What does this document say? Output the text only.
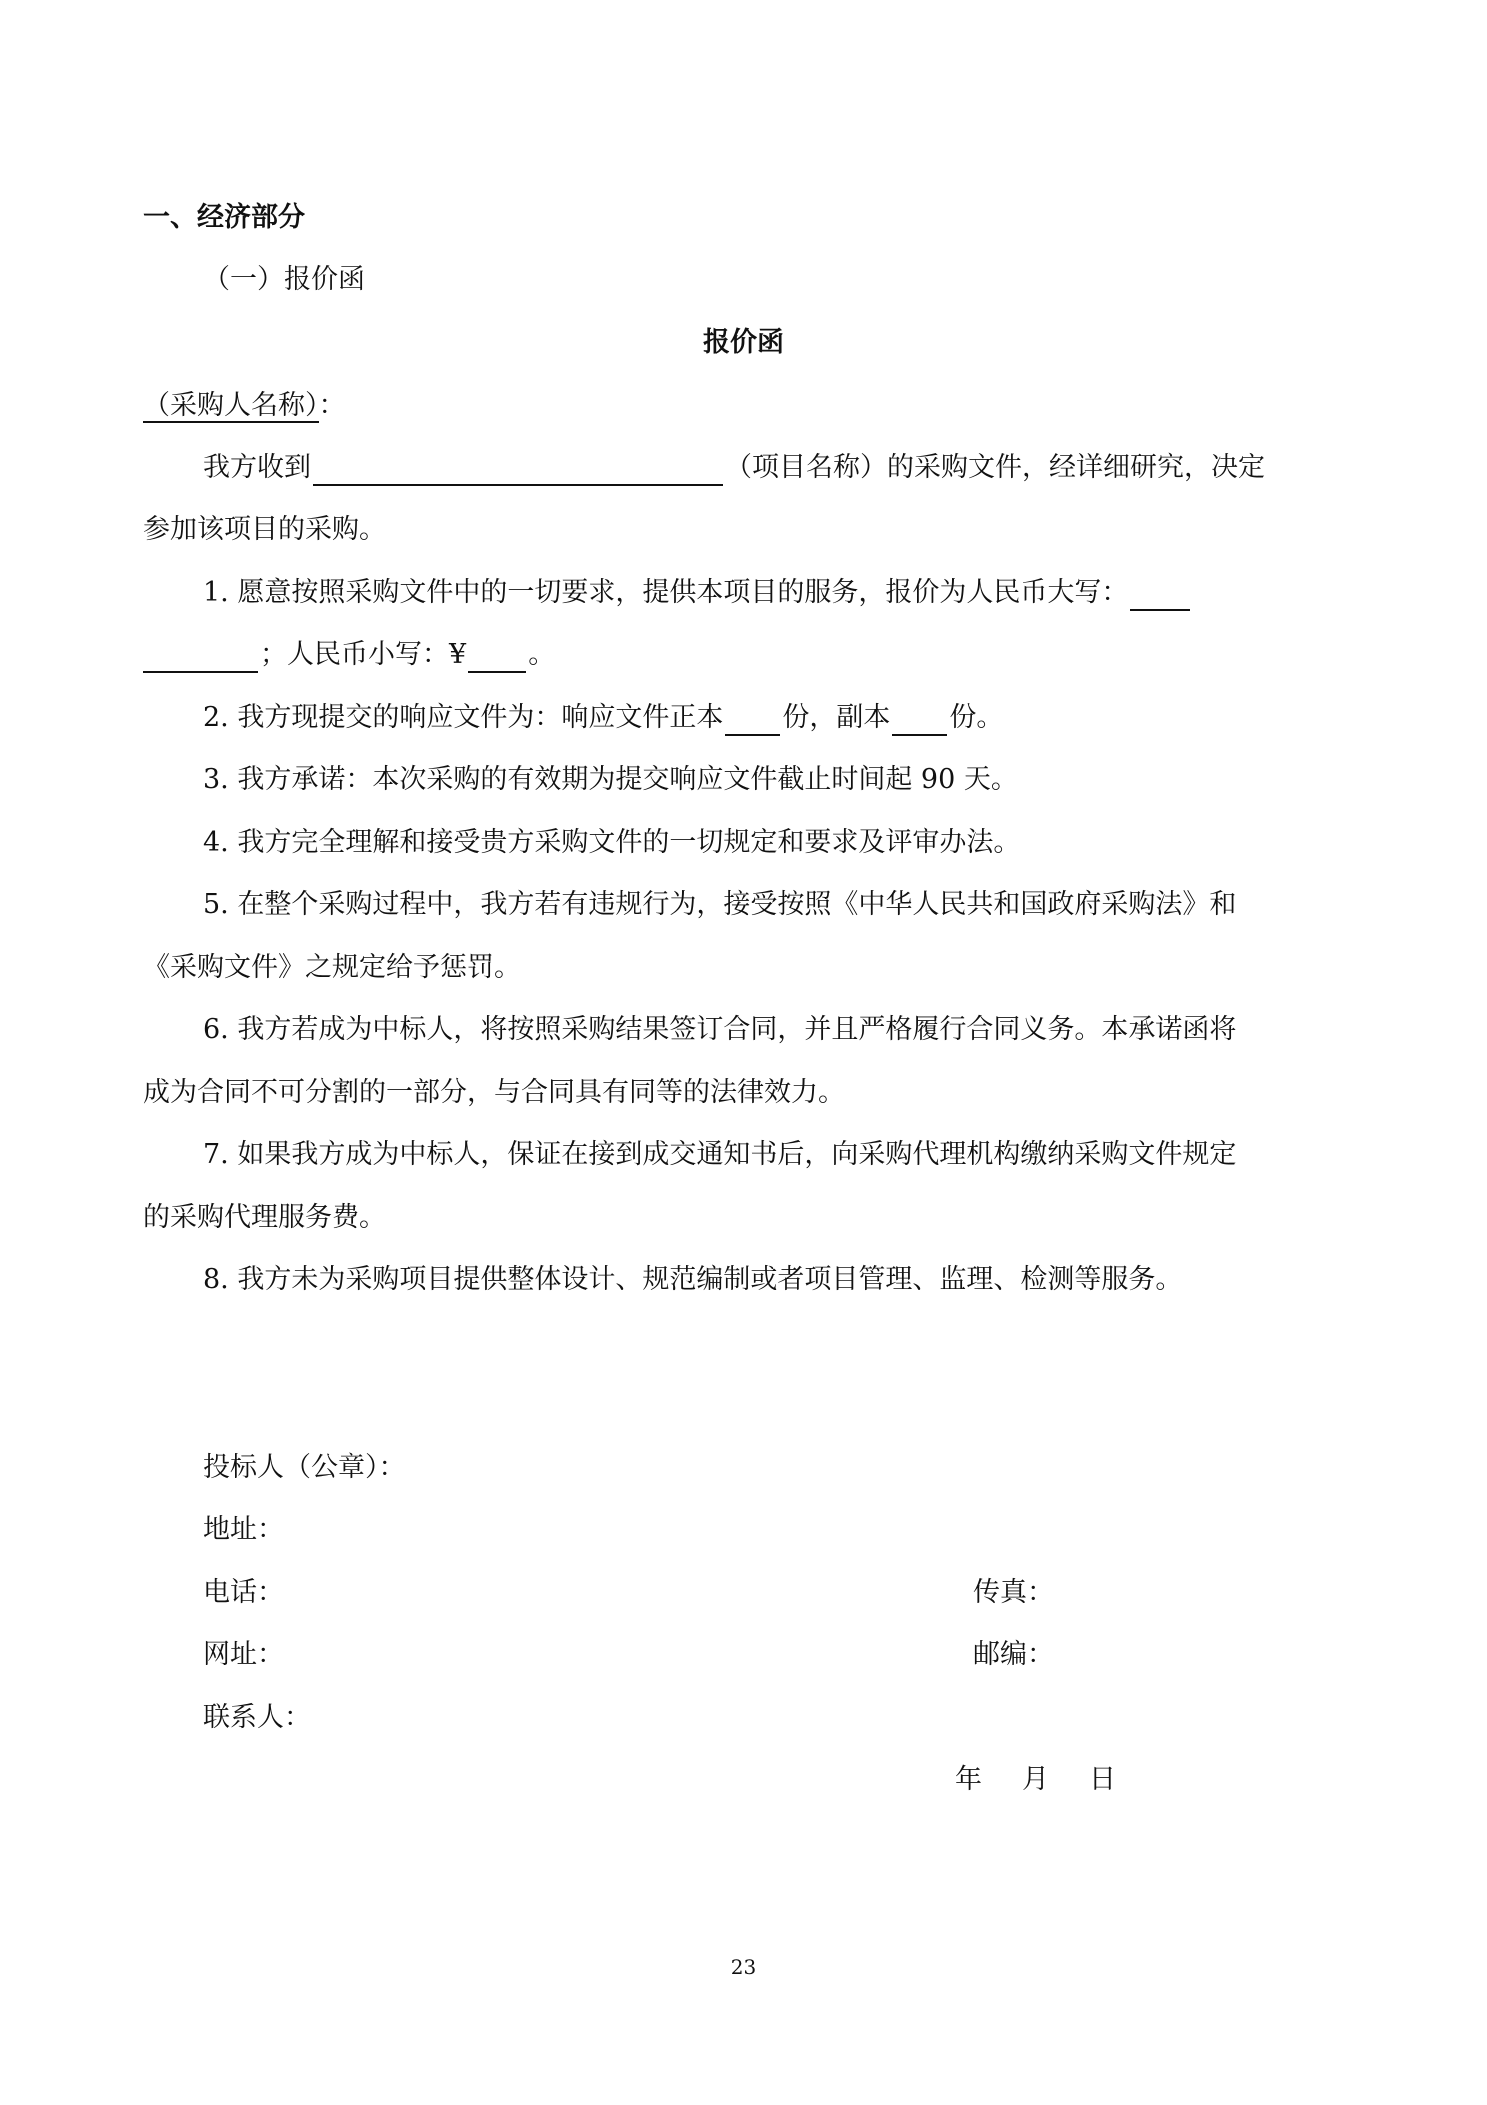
一、经济部分
（一）报价函
报价函
（采购人名称）：
我方收到	（项目名称）的采购文件，经详细研究，决定
参加该项目的采购。
1. 愿意按照采购文件中的一切要求，提供本项目的服务，报价为人民币大写：
；人民币小写：¥ 。
2. 我方现提交的响应文件为：响应文件正本 份，副本 份。
3. 我方承诺：本次采购的有效期为提交响应文件截止时间起 90 天。
4. 我方完全理解和接受贵方采购文件的一切规定和要求及评审办法。
5. 在整个采购过程中，我方若有违规行为，接受按照《中华人民共和国政府采购法》和
《采购文件》之规定给予惩罚。
6. 我方若成为中标人，将按照采购结果签订合同，并且严格履行合同义务。本承诺函将
成为合同不可分割的一部分，与合同具有同等的法律效力。
7. 如果我方成为中标人，保证在接到成交通知书后，向采购代理机构缴纳采购文件规定
的采购代理服务费。
8. 我方未为采购项目提供整体设计、规范编制或者项目管理、监理、检测等服务。
投标人（公章）：
地址：
电话：	传真：
网址：	邮编：
联系人：
年 月 日
23
